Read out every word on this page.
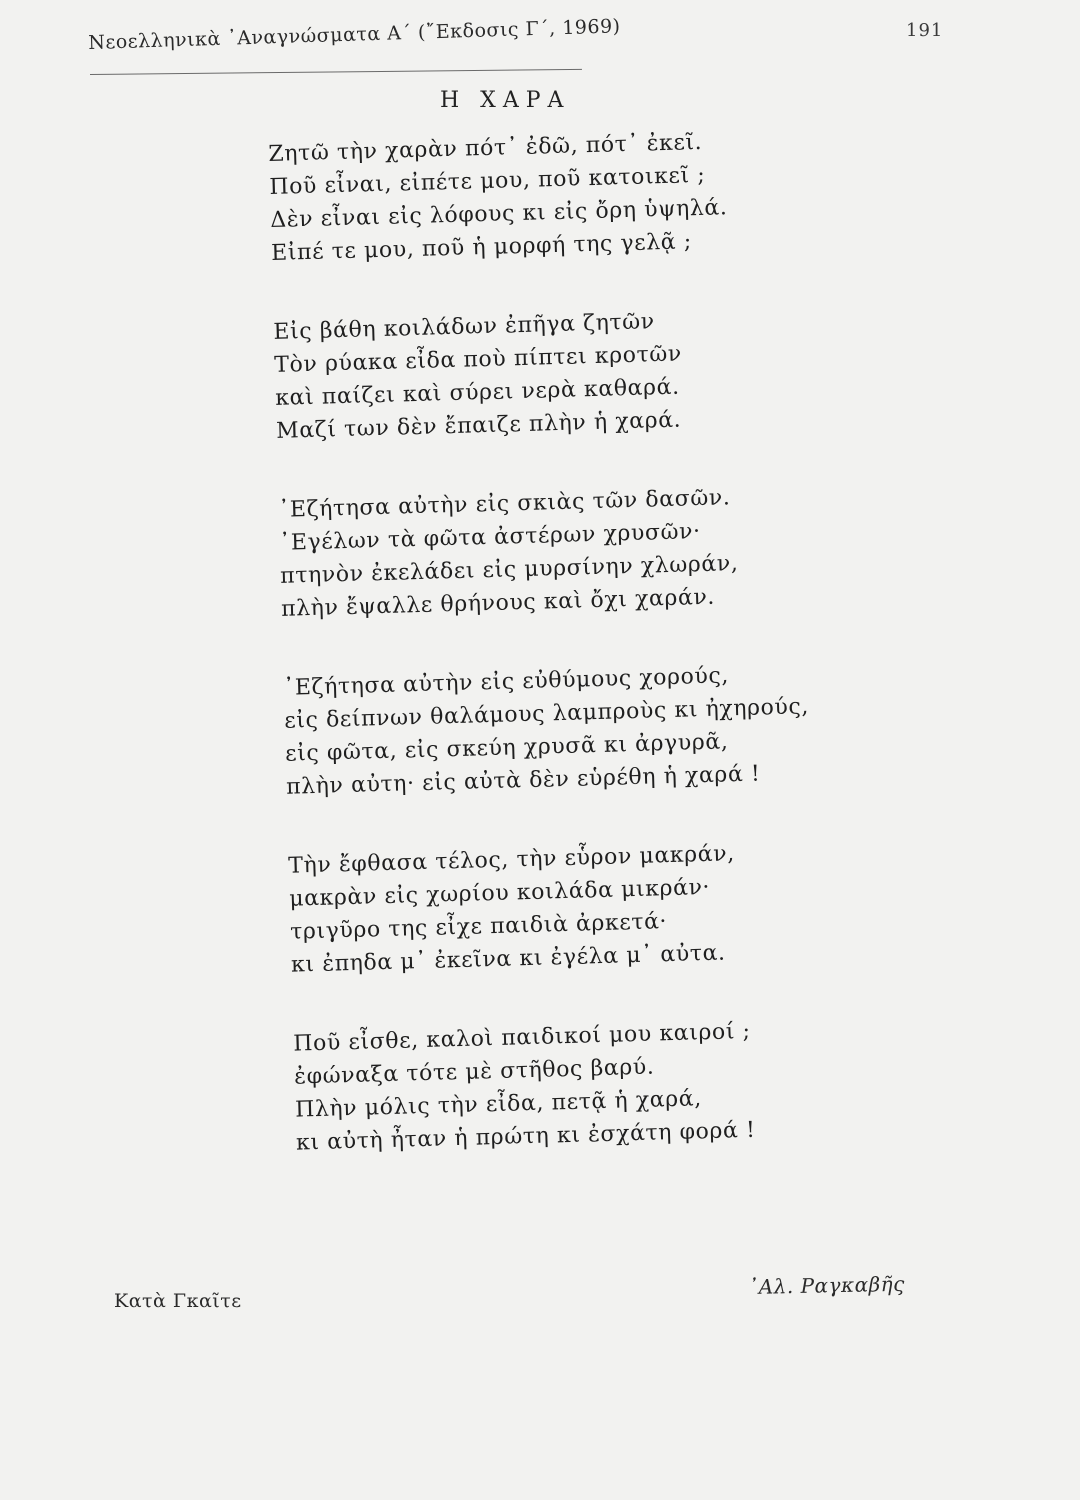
Νεοελληνικὰ ᾿Αναγνώσματα Α΄ (῎Εκδοσις Γ΄, 1969)	191
Η ΧΑΡΑ
Ζητῶ τὴν χαρὰν πότ᾿ ἐδῶ, πότ᾿ ἐκεῖ.
Ποῦ εἶναι, εἰπέτε μου, ποῦ κατοικεῖ ;
Δὲν εἶναι εἰς λόφους κι εἰς ὄρη ὑψηλά.
Εἰπέ τε μου, ποῦ ἡ μορφή της γελᾷ ;
Εἰς βάθη κοιλάδων ἐπῆγα ζητῶν
Τὸν ρύακα εἶδα ποὺ πίπτει κροτῶν
καὶ παίζει καὶ σύρει νερὰ καθαρά.
Μαζί των δὲν ἔπαιζε πλὴν ἡ χαρά.
᾿Εζήτησα αὐτὴν εἰς σκιὰς τῶν δασῶν.
᾿Εγέλων τὰ φῶτα ἀστέρων χρυσῶν·
πτηνὸν ἐκελάδει εἰς μυρσίνην χλωράν,
πλὴν ἔψαλλε θρήνους καὶ ὄχι χαράν.
᾿Εζήτησα αὐτὴν εἰς εὐθύμους χορούς,
εἰς δείπνων θαλάμους λαμπροὺς κι ἠχηρούς,
εἰς φῶτα, εἰς σκεύη χρυσᾶ κι ἀργυρᾶ,
πλὴν αὐτη· εἰς αὐτὰ δὲν εὑρέθη ἡ χαρά !
Τὴν ἔφθασα τέλος, τὴν εὗρον μακράν,
μακρὰν εἰς χωρίου κοιλάδα μικράν·
τριγῦρο της εἶχε παιδιὰ ἀρκετά·
κι ἐπηδα μ᾿ ἐκεῖνα κι ἐγέλα μ᾿ αὐτα.
Ποῦ εἶσθε, καλοὶ παιδικοί μου καιροί ;
ἐφώναξα τότε μὲ στῆθος βαρύ.
Πλὴν μόλις τὴν εἶδα, πετᾷ ἡ χαρά,
κι αὐτὴ ἦταν ἡ πρώτη κι ἐσχάτη φορά !
Κατὰ Γκαῖτε
᾿Αλ. Ραγκαβῆς
